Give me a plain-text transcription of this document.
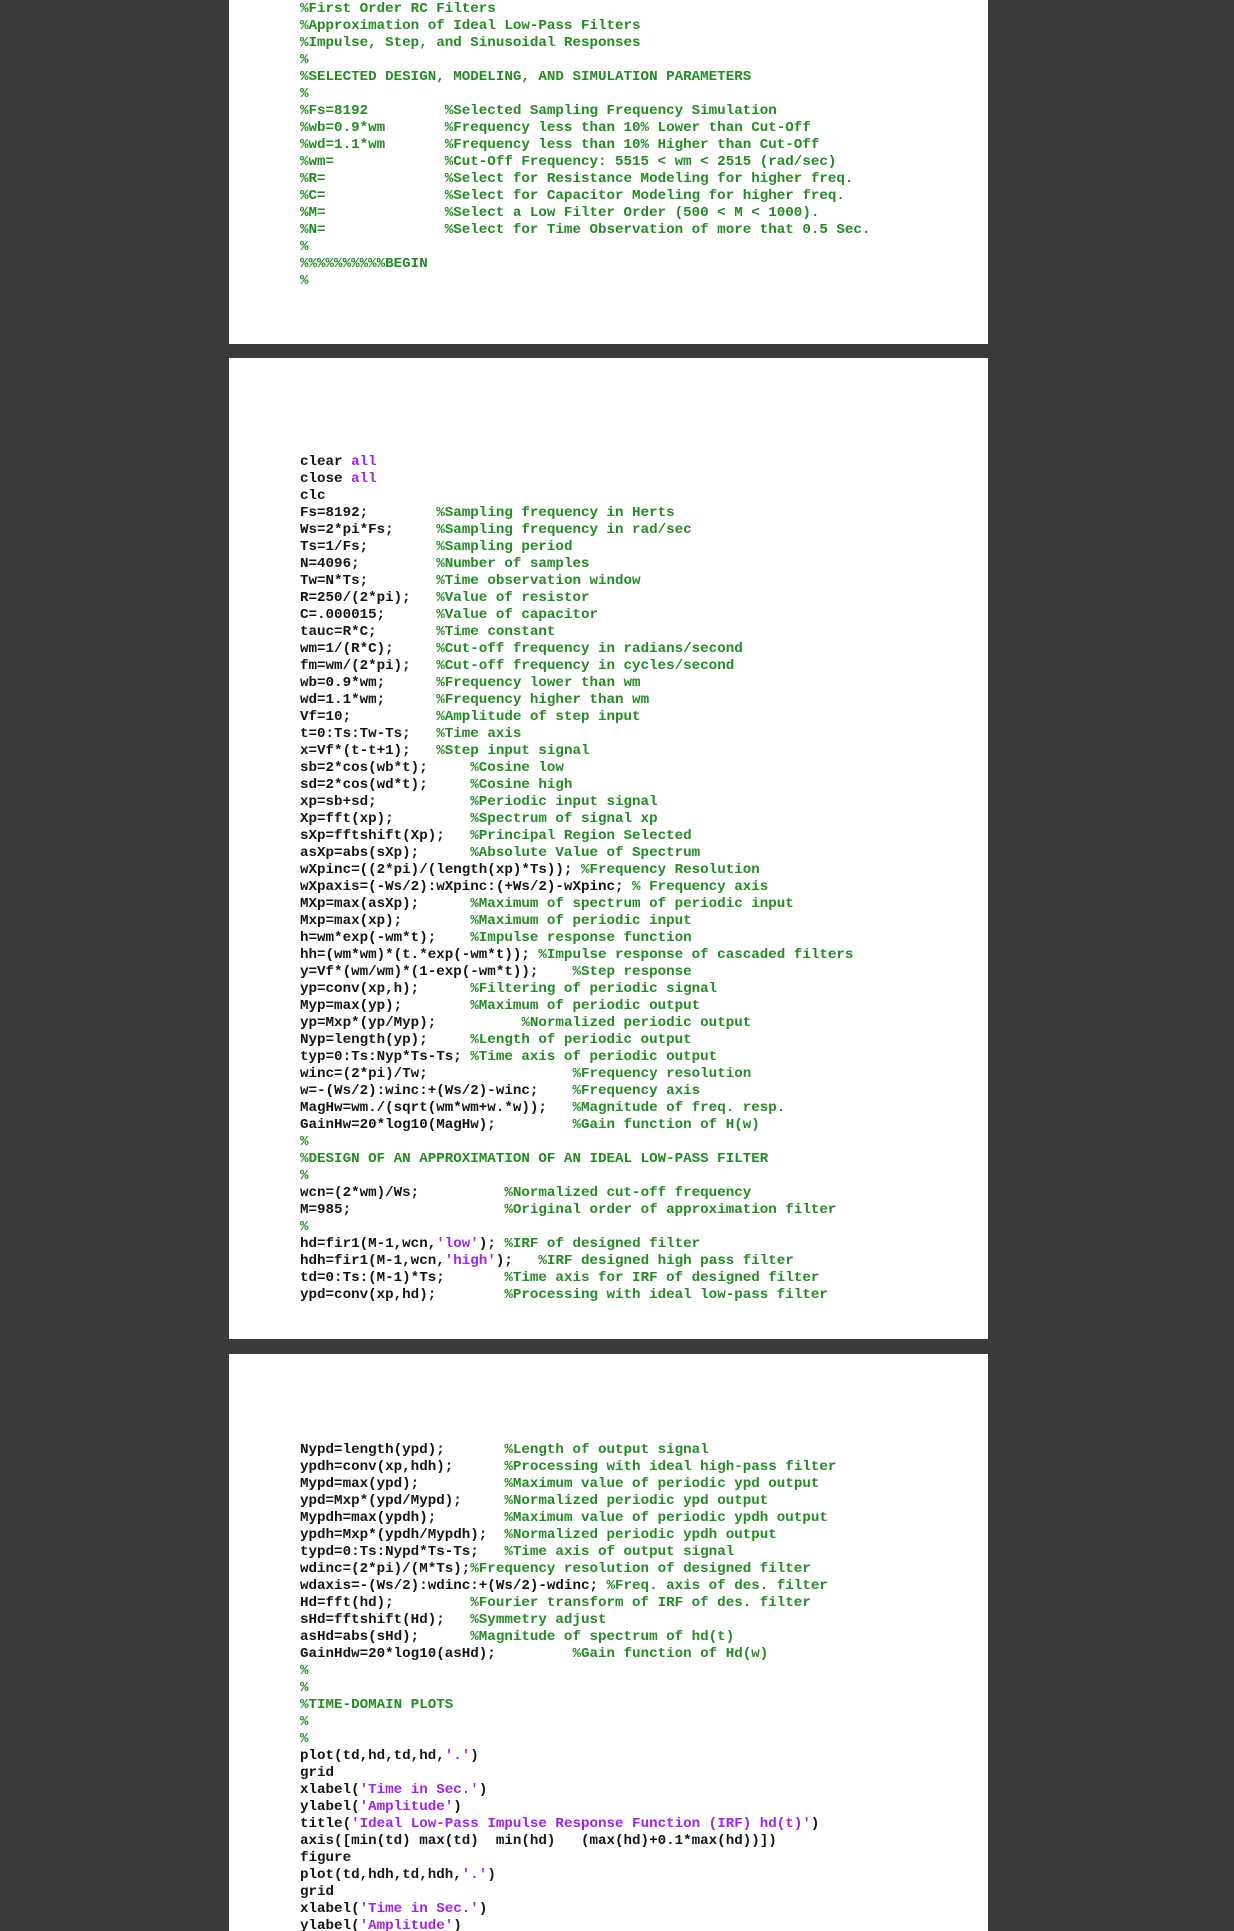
%First Order RC Filters
%Approximation of Ideal Low-Pass Filters
%Impulse, Step, and Sinusoidal Responses
%
%SELECTED DESIGN, MODELING, AND SIMULATION PARAMETERS
%
%Fs=8192         %Selected Sampling Frequency Simulation
%wb=0.9*wm       %Frequency less than 10% Lower than Cut-Off
%wd=1.1*wm       %Frequency less than 10% Higher than Cut-Off
%wm=             %Cut-Off Frequency: 5515 < wm < 2515 (rad/sec)
%R=              %Select for Resistance Modeling for higher freq.
%C=              %Select for Capacitor Modeling for higher freq.
%M=              %Select a Low Filter Order (500 < M < 1000).
%N=              %Select for Time Observation of more that 0.5 Sec.
%
%%%%%%%%%%BEGIN
%
clear all
close all
clc
Fs=8192;        %Sampling frequency in Herts
Ws=2*pi*Fs;     %Sampling frequency in rad/sec
Ts=1/Fs;        %Sampling period
N=4096;         %Number of samples
Tw=N*Ts;        %Time observation window
R=250/(2*pi);   %Value of resistor
C=.000015;      %Value of capacitor
tauc=R*C;       %Time constant
wm=1/(R*C);     %Cut-off frequency in radians/second
fm=wm/(2*pi);   %Cut-off frequency in cycles/second
wb=0.9*wm;      %Frequency lower than wm
wd=1.1*wm;      %Frequency higher than wm
Vf=10;          %Amplitude of step input
t=0:Ts:Tw-Ts;   %Time axis
x=Vf*(t-t+1);   %Step input signal
sb=2*cos(wb*t);     %Cosine low
sd=2*cos(wd*t);     %Cosine high
xp=sb+sd;           %Periodic input signal
Xp=fft(xp);         %Spectrum of signal xp
sXp=fftshift(Xp);   %Principal Region Selected
asXp=abs(sXp);      %Absolute Value of Spectrum
wXpinc=((2*pi)/(length(xp)*Ts)); %Frequency Resolution
wXpaxis=(-Ws/2):wXpinc:(+Ws/2)-wXpinc; % Frequency axis
MXp=max(asXp);      %Maximum of spectrum of periodic input
Mxp=max(xp);        %Maximum of periodic input
h=wm*exp(-wm*t);    %Impulse response function
hh=(wm*wm)*(t.*exp(-wm*t)); %Impulse response of cascaded filters
y=Vf*(wm/wm)*(1-exp(-wm*t));    %Step response
yp=conv(xp,h);      %Filtering of periodic signal
Myp=max(yp);        %Maximum of periodic output
yp=Mxp*(yp/Myp);          %Normalized periodic output
Nyp=length(yp);     %Length of periodic output
typ=0:Ts:Nyp*Ts-Ts; %Time axis of periodic output
winc=(2*pi)/Tw;                 %Frequency resolution
w=-(Ws/2):winc:+(Ws/2)-winc;    %Frequency axis
MagHw=wm./(sqrt(wm*wm+w.*w));   %Magnitude of freq. resp.
GainHw=20*log10(MagHw);         %Gain function of H(w)
%
%DESIGN OF AN APPROXIMATION OF AN IDEAL LOW-PASS FILTER
%
wcn=(2*wm)/Ws;          %Normalized cut-off frequency
M=985;                  %Original order of approximation filter
%
hd=fir1(M-1,wcn,'low'); %IRF of designed filter
hdh=fir1(M-1,wcn,'high');   %IRF designed high pass filter
td=0:Ts:(M-1)*Ts;       %Time axis for IRF of designed filter
ypd=conv(xp,hd);        %Processing with ideal low-pass filter
Nypd=length(ypd);       %Length of output signal
ypdh=conv(xp,hdh);      %Processing with ideal high-pass filter
Mypd=max(ypd);          %Maximum value of periodic ypd output
ypd=Mxp*(ypd/Mypd);     %Normalized periodic ypd output
Mypdh=max(ypdh);        %Maximum value of periodic ypdh output
ypdh=Mxp*(ypdh/Mypdh);  %Normalized periodic ypdh output
typd=0:Ts:Nypd*Ts-Ts;   %Time axis of output signal
wdinc=(2*pi)/(M*Ts);%Frequency resolution of designed filter
wdaxis=-(Ws/2):wdinc:+(Ws/2)-wdinc; %Freq. axis of des. filter
Hd=fft(hd);         %Fourier transform of IRF of des. filter
sHd=fftshift(Hd);   %Symmetry adjust
asHd=abs(sHd);      %Magnitude of spectrum of hd(t)
GainHdw=20*log10(asHd);         %Gain function of Hd(w)
%
%
%TIME-DOMAIN PLOTS
%
%
plot(td,hd,td,hd,'.')
grid
xlabel('Time in Sec.')
ylabel('Amplitude')
title('Ideal Low-Pass Impulse Response Function (IRF) hd(t)')
axis([min(td) max(td)  min(hd)   (max(hd)+0.1*max(hd))])
figure
plot(td,hdh,td,hdh,'.')
grid
xlabel('Time in Sec.')
ylabel('Amplitude')
